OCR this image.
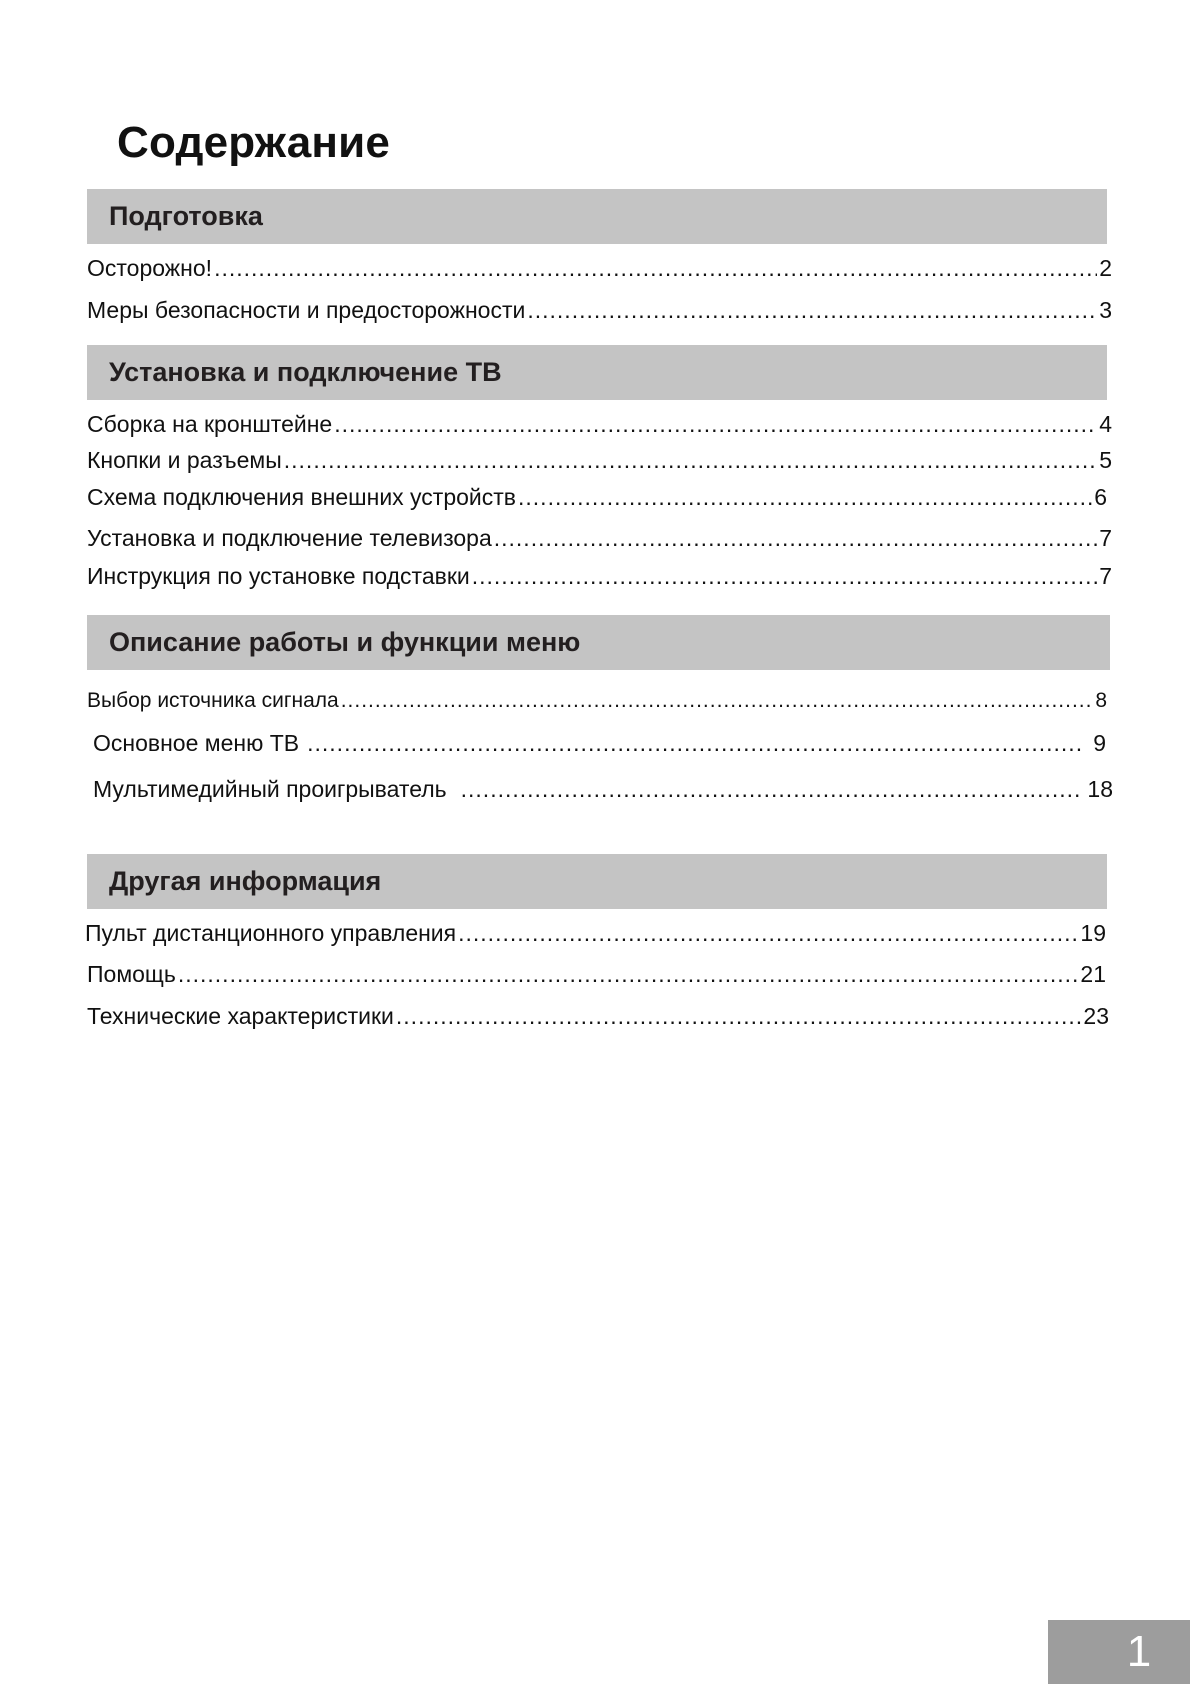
Содержание
Подготовка
Осторожно! .....	2
Меры безопасности и предосторожности .....	3
Установка и подключение ТВ
Сборка на кронштейне .....	4
Кнопки и разъемы .....	5
Схема подключения внешних устройств .....	6
Установка и подключение телевизора .....	7
Инструкция по установке подставки .....	7
Описание работы и функции меню
Выбор источника сигнала .....	8
Основное меню ТВ .....	9
Мультимедийный проигрыватель .....	18
Другая информация
Пульт дистанционного управления .....	19
Помощь .....	21
Технические характеристики .....	23
1
